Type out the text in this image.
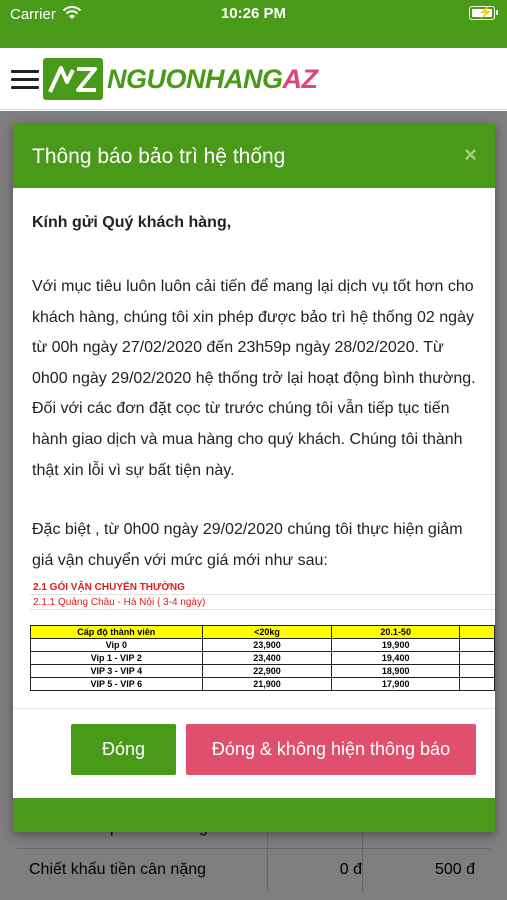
Carrier	10:26 PM	⚡
NGUONHANGAZ
Thông báo bảo trì hệ thống	×
Kính gửi Quý khách hàng,
Với mục tiêu luôn luôn cải tiến để mang lại dịch vụ tốt hơn cho khách hàng, chúng tôi xin phép được bảo trì hệ thống 02 ngày từ 00h ngày 27/02/2020 đến 23h59p ngày 28/02/2020. Từ 0h00 ngày 29/02/2020 hệ thống trở lại hoạt động bình thường. Đối với các đơn đặt cọc từ trước chúng tôi vẫn tiếp tục tiến hành giao dịch và mua hàng cho quý khách. Chúng tôi thành thật xin lỗi vì sự bất tiện này.
Đặc biệt , từ 0h00 ngày 29/02/2020 chúng tôi thực hiện giảm giá vận chuyển với mức giá mới như sau:
2.1 GÓI VẬN CHUYỂN THƯỜNG
2.1.1 Quảng Châu - Hà Nội ( 3-4 ngày)
Cấp độ thành viên	<20kg	20.1-50	
Vip 0	23,900	19,900	
Vip 1 - VIP 2	23,400	19,400	
VIP 3 - VIP 4	22,900	18,900	
VIP 5 - VIP 6	21,900	17,900	
Đóng	Đóng & không hiện thông báo
